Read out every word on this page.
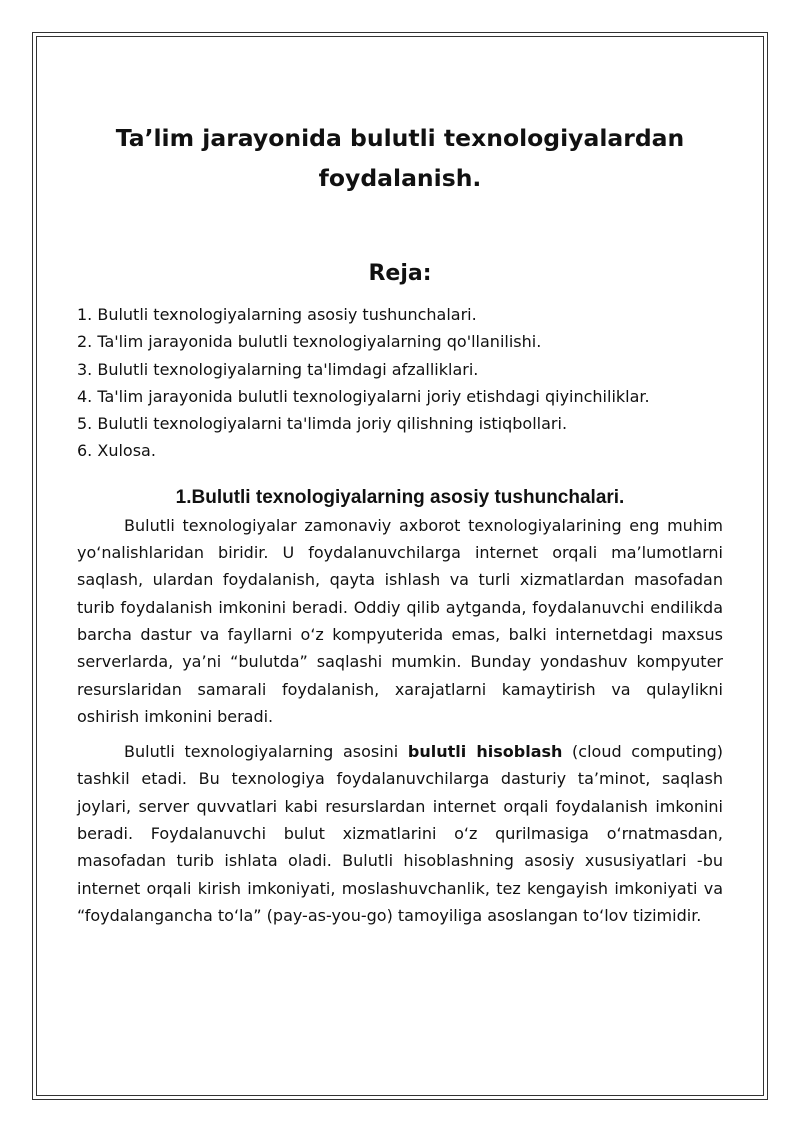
Ta’lim jarayonida bulutli texnologiyalardan
foydalanish.
Reja:
1. Bulutli texnologiyalarning asosiy tushunchalari.
2. Ta'lim jarayonida bulutli texnologiyalarning qo'llanilishi.
3. Bulutli texnologiyalarning ta'limdagi afzalliklari.
4. Ta'lim jarayonida bulutli texnologiyalarni joriy etishdagi qiyinchiliklar.
5. Bulutli texnologiyalarni ta'limda joriy qilishning istiqbollari.
6. Xulosa.
1.Bulutli texnologiyalarning asosiy tushunchalari.

Bulutli texnologiyalar zamonaviy axborot texnologiyalarining eng muhim yo‘nalishlaridan biridir. U foydalanuvchilarga internet orqali ma’lumotlarni saqlash, ulardan foydalanish, qayta ishlash va turli xizmatlardan masofadan turib foydalanish imkonini beradi. Oddiy qilib aytganda, foydalanuvchi endilikda barcha dastur va fayllarni o‘z kompyuterida emas, balki internetdagi maxsus serverlarda, ya’ni “bulutda” saqlashi mumkin. Bunday yondashuv kompyuter resurslaridan samarali foydalanish, xarajatlarni kamaytirish va qulaylikni oshirish imkonini beradi.

Bulutli texnologiyalarning asosini bulutli hisoblash (cloud computing) tashkil etadi. Bu texnologiya foydalanuvchilarga dasturiy ta’minot, saqlash joylari, server quvvatlari kabi resurslardan internet orqali foydalanish imkonini beradi. Foydalanuvchi bulut xizmatlarini o‘z qurilmasiga o‘rnatmasdan, masofadan turib ishlata oladi. Bulutli hisoblashning asosiy xususiyatlari -bu internet orqali kirish imkoniyati, moslashuvchanlik, tez kengayish imkoniyati va “foydalangancha to‘la” (pay-as-you-go) tamoyiliga asoslangan to‘lov tizimidir.
